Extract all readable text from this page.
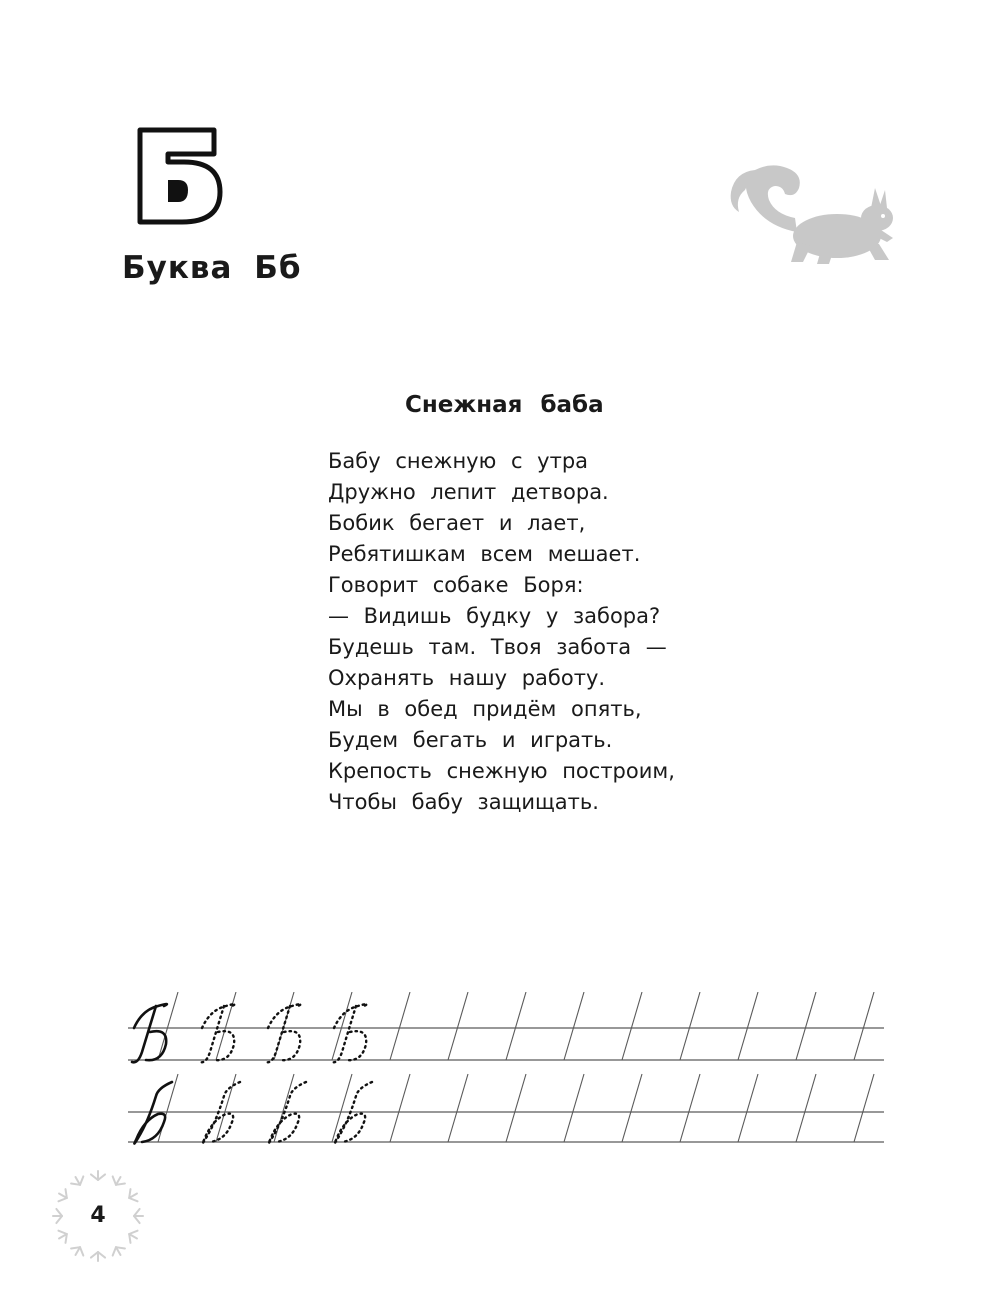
Буква Бб
Снежная баба
Бабу снежную с утра
Дружно лепит детвора.
Бобик бегает и лает,
Ребятишкам всем мешает.
Говорит собаке Боря:
— Видишь будку у забора?
Будешь там. Твоя забота —
Охранять нашу работу.
Мы в обед придём опять,
Будем бегать и играть.
Крепость снежную построим,
Чтобы бабу защищать.
4
